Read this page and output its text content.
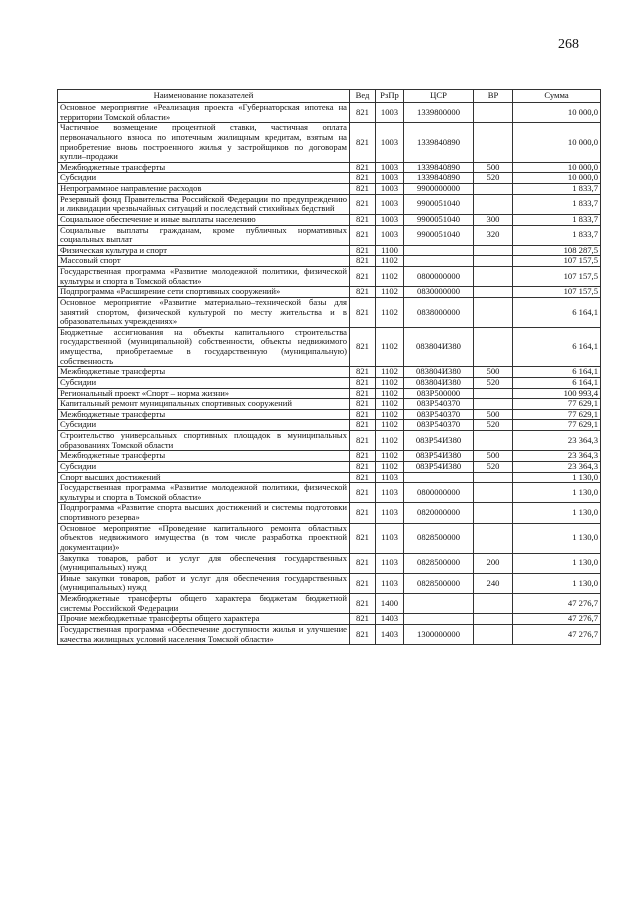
268
Наименование показателей	Вед	РзПр	ЦСР	ВР	Сумма
Основное мероприятие «Реализация проекта «Губернаторская ипотека на территории Томской области»	821	1003	1339800000		10 000,0
Частичное возмещение процентной ставки, частичная оплата первоначального взноса по ипотечным жилищным кредитам, взятым на приобретение вновь построенного жилья у застройщиков по договорам купли–продажи	821	1003	1339840890		10 000,0
Межбюджетные трансферты	821	1003	1339840890	500	10 000,0
Субсидии	821	1003	1339840890	520	10 000,0
Непрограммное направление расходов	821	1003	9900000000		1 833,7
Резервный фонд Правительства Российской Федерации по предупреждению и ликвидации чрезвычайных ситуаций и последствий стихийных бедствий	821	1003	9900051040		1 833,7
Социальное обеспечение и иные выплаты населению	821	1003	9900051040	300	1 833,7
Социальные выплаты гражданам, кроме публичных нормативных социальных выплат	821	1003	9900051040	320	1 833,7
Физическая культура и спорт	821	1100			108 287,5
Массовый спорт	821	1102			107 157,5
Государственная программа «Развитие молодежной политики, физической культуры и спорта в Томской области»	821	1102	0800000000		107 157,5
Подпрограмма «Расширение сети спортивных сооружений»	821	1102	0830000000		107 157,5
Основное мероприятие «Развитие материально–технической базы для занятий спортом, физической культурой по месту жительства и в образовательных учреждениях»	821	1102	0838000000		6 164,1
Бюджетные ассигнования на объекты капитального строительства государственной (муниципальной) собственности, объекты недвижимого имущества, приобретаемые в государственную (муниципальную) собственность	821	1102	083804И380		6 164,1
Межбюджетные трансферты	821	1102	083804И380	500	6 164,1
Субсидии	821	1102	083804И380	520	6 164,1
Региональный проект «Спорт – норма жизни»	821	1102	083P500000		100 993,4
Капитальный ремонт муниципальных спортивных сооружений	821	1102	083P540370		77 629,1
Межбюджетные трансферты	821	1102	083P540370	500	77 629,1
Субсидии	821	1102	083P540370	520	77 629,1
Строительство универсальных спортивных площадок в муниципальных образованиях Томской области	821	1102	083P54И380		23 364,3
Межбюджетные трансферты	821	1102	083P54И380	500	23 364,3
Субсидии	821	1102	083P54И380	520	23 364,3
Спорт высших достижений	821	1103			1 130,0
Государственная программа «Развитие молодежной политики, физической культуры и спорта в Томской области»	821	1103	0800000000		1 130,0
Подпрограмма «Развитие спорта высших достижений и системы подготовки спортивного резерва»	821	1103	0820000000		1 130,0
Основное мероприятие «Проведение капитального ремонта областных объектов недвижимого имущества (в том числе разработка проектной документации)»	821	1103	0828500000		1 130,0
Закупка товаров, работ и услуг для обеспечения государственных (муниципальных) нужд	821	1103	0828500000	200	1 130,0
Иные закупки товаров, работ и услуг для обеспечения государственных (муниципальных) нужд	821	1103	0828500000	240	1 130,0
Межбюджетные трансферты общего характера бюджетам бюджетной системы Российской Федерации	821	1400			47 276,7
Прочие межбюджетные трансферты общего характера	821	1403			47 276,7
Государственная программа «Обеспечение доступности жилья и улучшение качества жилищных условий населения Томской области»	821	1403	1300000000		47 276,7
